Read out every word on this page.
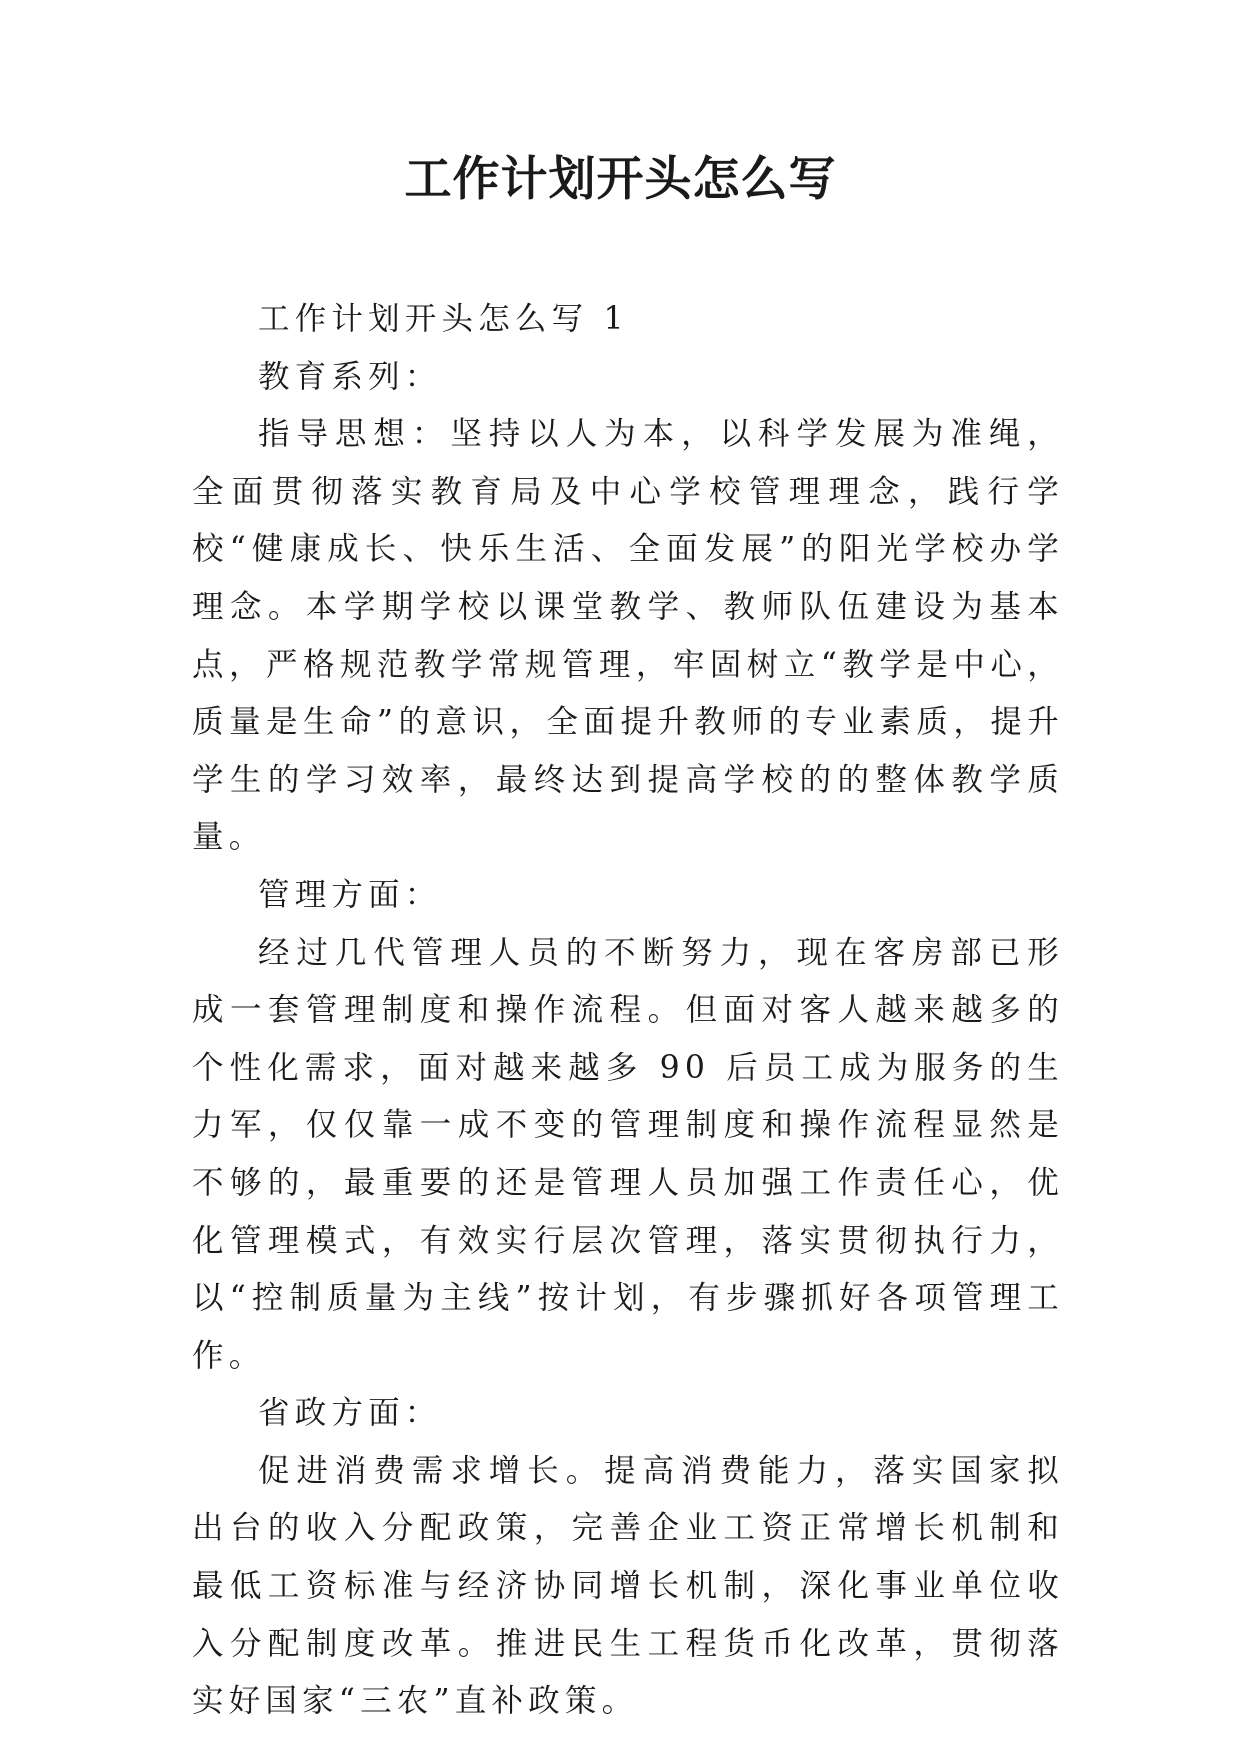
工作计划开头怎么写

工作计划开头怎么写 1

教育系列：

指导思想：坚持以人为本，以科学发展为准绳，全面贯彻落实教育局及中心学校管理理念，践行学校“健康成长、快乐生活、全面发展”的阳光学校办学理念。本学期学校以课堂教学、教师队伍建设为基本点，严格规范教学常规管理，牢固树立“教学是中心，质量是生命”的意识，全面提升教师的专业素质，提升学生的学习效率，最终达到提高学校的的整体教学质量。

管理方面：

经过几代管理人员的不断努力，现在客房部已形成一套管理制度和操作流程。但面对客人越来越多的个性化需求，面对越来越多 90 后员工成为服务的生力军，仅仅靠一成不变的管理制度和操作流程显然是不够的，最重要的还是管理人员加强工作责任心，优化管理模式，有效实行层次管理，落实贯彻执行力，以“控制质量为主线”按计划，有步骤抓好各项管理工作。

省政方面：

促进消费需求增长。提高消费能力，落实国家拟出台的收入分配政策，完善企业工资正常增长机制和最低工资标准与经济协同增长机制，深化事业单位收入分配制度改革。推进民生工程货币化改革，贯彻落实好国家“三农”直补政策。
